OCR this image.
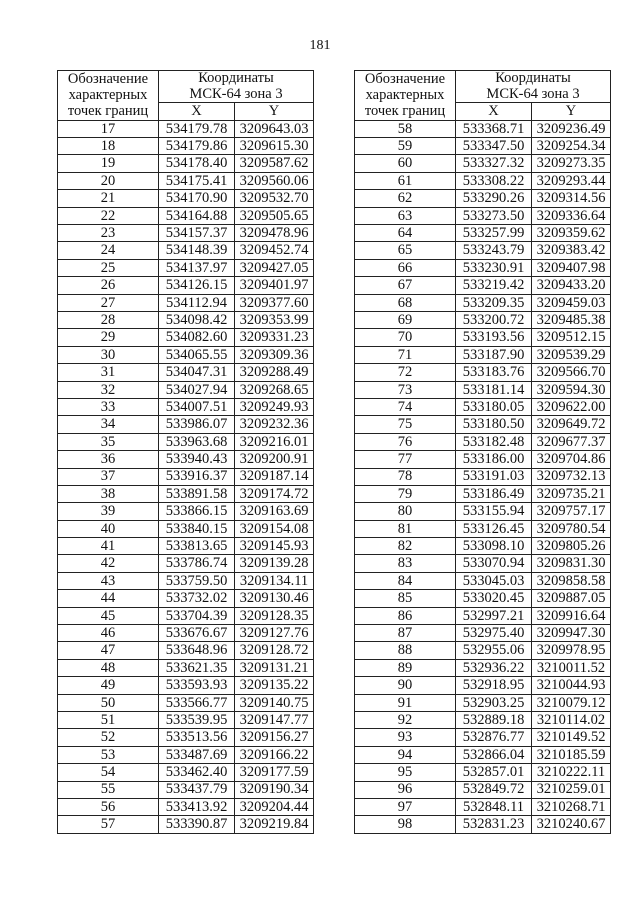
181
Обозначение
характерных
точек границ	Координаты
МСК-64 зона 3	
	X	Y
17	534179.78	3209643.03
18	534179.86	3209615.30
19	534178.40	3209587.62
20	534175.41	3209560.06
21	534170.90	3209532.70
22	534164.88	3209505.65
23	534157.37	3209478.96
24	534148.39	3209452.74
25	534137.97	3209427.05
26	534126.15	3209401.97
27	534112.94	3209377.60
28	534098.42	3209353.99
29	534082.60	3209331.23
30	534065.55	3209309.36
31	534047.31	3209288.49
32	534027.94	3209268.65
33	534007.51	3209249.93
34	533986.07	3209232.36
35	533963.68	3209216.01
36	533940.43	3209200.91
37	533916.37	3209187.14
38	533891.58	3209174.72
39	533866.15	3209163.69
40	533840.15	3209154.08
41	533813.65	3209145.93
42	533786.74	3209139.28
43	533759.50	3209134.11
44	533732.02	3209130.46
45	533704.39	3209128.35
46	533676.67	3209127.76
47	533648.96	3209128.72
48	533621.35	3209131.21
49	533593.93	3209135.22
50	533566.77	3209140.75
51	533539.95	3209147.77
52	533513.56	3209156.27
53	533487.69	3209166.22
54	533462.40	3209177.59
55	533437.79	3209190.34
56	533413.92	3209204.44
57	533390.87	3209219.84
Обозначение
характерных
точек границ	Координаты
МСК-64 зона 3	
	X	Y
58	533368.71	3209236.49
59	533347.50	3209254.34
60	533327.32	3209273.35
61	533308.22	3209293.44
62	533290.26	3209314.56
63	533273.50	3209336.64
64	533257.99	3209359.62
65	533243.79	3209383.42
66	533230.91	3209407.98
67	533219.42	3209433.20
68	533209.35	3209459.03
69	533200.72	3209485.38
70	533193.56	3209512.15
71	533187.90	3209539.29
72	533183.76	3209566.70
73	533181.14	3209594.30
74	533180.05	3209622.00
75	533180.50	3209649.72
76	533182.48	3209677.37
77	533186.00	3209704.86
78	533191.03	3209732.13
79	533186.49	3209735.21
80	533155.94	3209757.17
81	533126.45	3209780.54
82	533098.10	3209805.26
83	533070.94	3209831.30
84	533045.03	3209858.58
85	533020.45	3209887.05
86	532997.21	3209916.64
87	532975.40	3209947.30
88	532955.06	3209978.95
89	532936.22	3210011.52
90	532918.95	3210044.93
91	532903.25	3210079.12
92	532889.18	3210114.02
93	532876.77	3210149.52
94	532866.04	3210185.59
95	532857.01	3210222.11
96	532849.72	3210259.01
97	532848.11	3210268.71
98	532831.23	3210240.67
